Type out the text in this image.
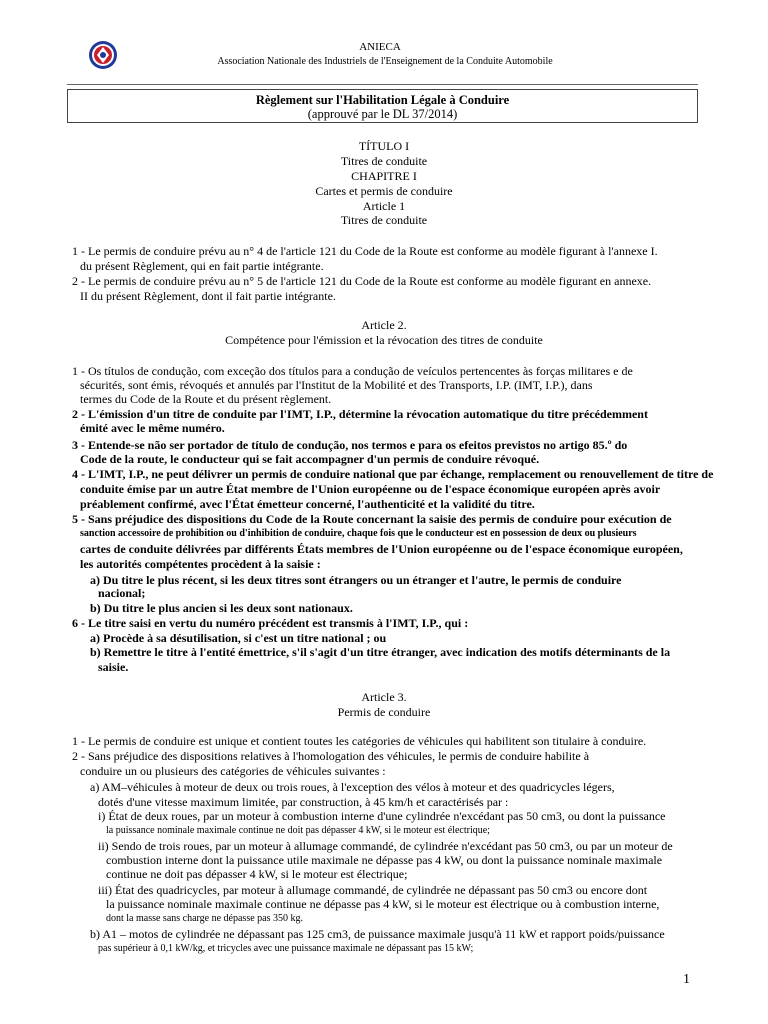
ANIECA
Association Nationale des Industriels de l'Enseignement de la Conduite Automobile
Règlement sur l'Habilitation Légale à Conduire
(approuvé par le DL 37/2014)
TÍTULO I
Titres de conduite
CHAPITRE I
Cartes et permis de conduire
Article 1
Titres de conduite
1 - Le permis de conduire prévu au n° 4 de l'article 121 du Code de la Route est conforme au modèle figurant à l'annexe I.
du présent Règlement, qui en fait partie intégrante.
2 - Le permis de conduire prévu au n° 5 de l'article 121 du Code de la Route est conforme au modèle figurant en annexe.
II du présent Règlement, dont il fait partie intégrante.
Article 2.
Compétence pour l'émission et la révocation des titres de conduite
1 - Os títulos de condução, com exceção dos títulos para a condução de veículos pertencentes às forças militares e de
sécurités, sont émis, révoqués et annulés par l'Institut de la Mobilité et des Transports, I.P. (IMT, I.P.), dans
termes du Code de la Route et du présent règlement.
2 - L'émission d'un titre de conduite par l'IMT, I.P., détermine la révocation automatique du titre précédemment
émité avec le même numéro.
3 - Entende-se não ser portador de título de condução, nos termos e para os efeitos previstos no artigo 85.º do
Code de la route, le conducteur qui se fait accompagner d'un permis de conduire révoqué.
4 - L'IMT, I.P., ne peut délivrer un permis de conduire national que par échange, remplacement ou renouvellement de titre de
conduite émise par un autre État membre de l'Union européenne ou de l'espace économique européen après avoir
préablement confirmé, avec l'État émetteur concerné, l'authenticité et la validité du titre.
5 - Sans préjudice des dispositions du Code de la Route concernant la saisie des permis de conduire pour exécution de
sanction accessoire de prohibition ou d'inhibition de conduire, chaque fois que le conducteur est en possession de deux ou plusieurs
cartes de conduite délivrées par différents États membres de l'Union européenne ou de l'espace économique européen,
les autorités compétentes procèdent à la saisie :
a) Du titre le plus récent, si les deux titres sont étrangers ou un étranger et l'autre, le permis de conduire
nacional;
b) Du titre le plus ancien si les deux sont nationaux.
6 - Le titre saisi en vertu du numéro précédent est transmis à l'IMT, I.P., qui :
a) Procède à sa désutilisation, si c'est un titre national ; ou
b) Remettre le titre à l'entité émettrice, s'il s'agit d'un titre étranger, avec indication des motifs déterminants de la
saisie.
Article 3.
Permis de conduire
1 - Le permis de conduire est unique et contient toutes les catégories de véhicules qui habilitent son titulaire à conduire.
2 - Sans préjudice des dispositions relatives à l'homologation des véhicules, le permis de conduire habilite à
conduire un ou plusieurs des catégories de véhicules suivantes :
a) AM–véhicules à moteur de deux ou trois roues, à l'exception des vélos à moteur et des quadricycles légers,
dotés d'une vitesse maximum limitée, par construction, à 45 km/h et caractérisés par :
i) État de deux roues, par un moteur à combustion interne d'une cylindrée n'excédant pas 50 cm3, ou dont la puissance
la puissance nominale maximale continue ne doit pas dépasser 4 kW, si le moteur est électrique;
ii) Sendo de trois roues, par un moteur à allumage commandé, de cylindrée n'excédant pas 50 cm3, ou par un moteur de
combustion interne dont la puissance utile maximale ne dépasse pas 4 kW, ou dont la puissance nominale maximale
continue ne doit pas dépasser 4 kW, si le moteur est électrique;
iii) État des quadricycles, par moteur à allumage commandé, de cylindrée ne dépassant pas 50 cm3 ou encore dont
la puissance nominale maximale continue ne dépasse pas 4 kW, si le moteur est électrique ou à combustion interne,
dont la masse sans charge ne dépasse pas 350 kg.
b) A1 – motos de cylindrée ne dépassant pas 125 cm3, de puissance maximale jusqu'à 11 kW et rapport poids/puissance
pas supérieur à 0,1 kW/kg, et tricycles avec une puissance maximale ne dépassant pas 15 kW;
1
